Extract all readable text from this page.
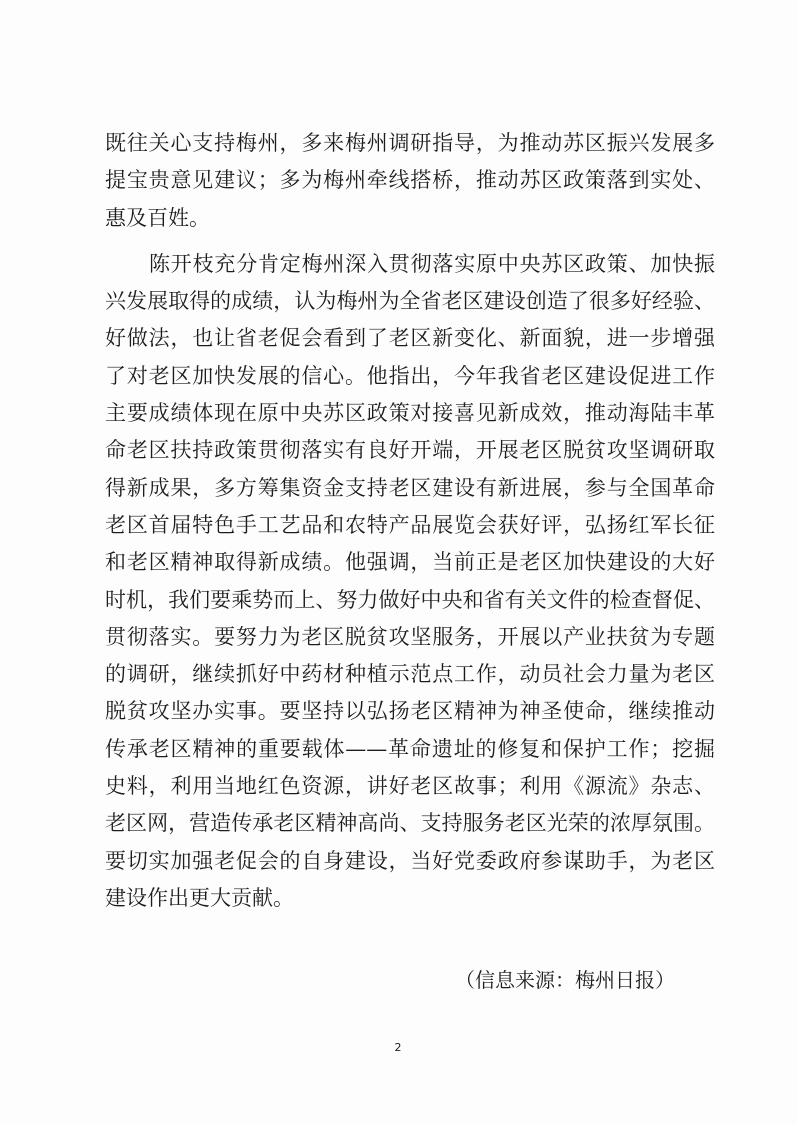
既往关心支持梅州，多来梅州调研指导，为推动苏区振兴发展多
提宝贵意见建议；多为梅州牵线搭桥，推动苏区政策落到实处、
惠及百姓。
陈开枝充分肯定梅州深入贯彻落实原中央苏区政策、加快振
兴发展取得的成绩，认为梅州为全省老区建设创造了很多好经验、
好做法，也让省老促会看到了老区新变化、新面貌，进一步增强
了对老区加快发展的信心。他指出，今年我省老区建设促进工作
主要成绩体现在原中央苏区政策对接喜见新成效，推动海陆丰革
命老区扶持政策贯彻落实有良好开端，开展老区脱贫攻坚调研取
得新成果，多方筹集资金支持老区建设有新进展，参与全国革命
老区首届特色手工艺品和农特产品展览会获好评，弘扬红军长征
和老区精神取得新成绩。他强调，当前正是老区加快建设的大好
时机，我们要乘势而上、努力做好中央和省有关文件的检查督促、
贯彻落实。要努力为老区脱贫攻坚服务，开展以产业扶贫为专题
的调研，继续抓好中药材种植示范点工作，动员社会力量为老区
脱贫攻坚办实事。要坚持以弘扬老区精神为神圣使命，继续推动
传承老区精神的重要载体——革命遗址的修复和保护工作；挖掘
史料，利用当地红色资源，讲好老区故事；利用《源流》杂志、
老区网，营造传承老区精神高尚、支持服务老区光荣的浓厚氛围。
要切实加强老促会的自身建设，当好党委政府参谋助手，为老区
建设作出更大贡献。
（信息来源：梅州日报）
2
